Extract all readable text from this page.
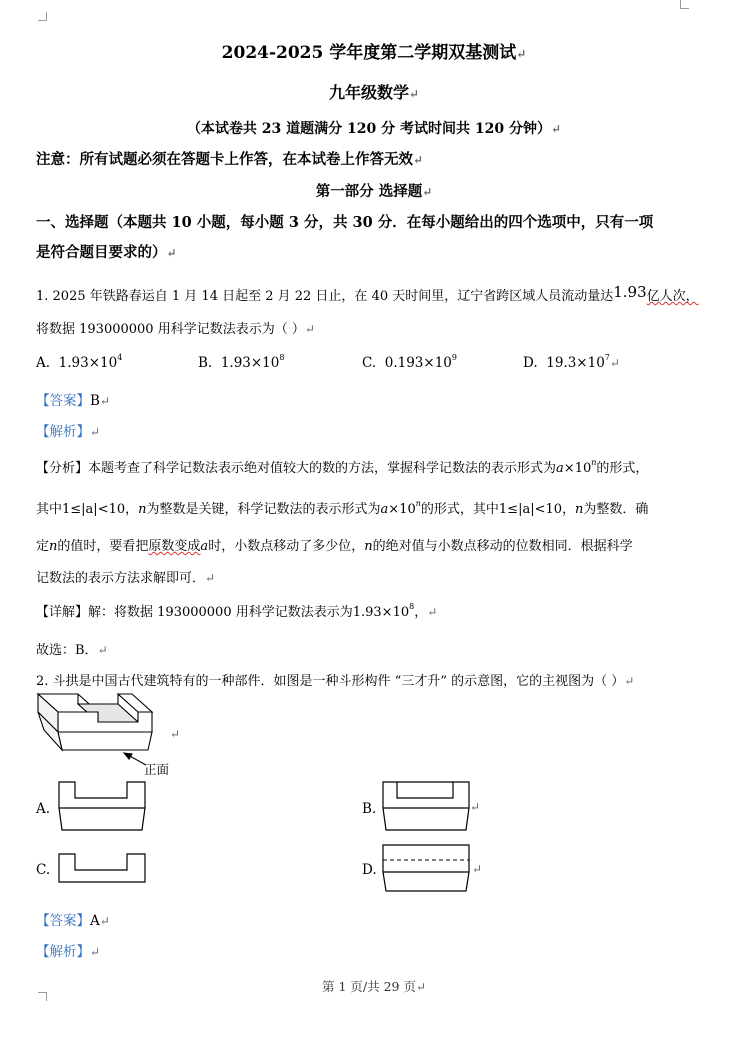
2024-2025 学年度第二学期双基测试↵
九年级数学↵
（本试卷共 23 道题满分 120 分 考试时间共 120 分钟）↵
注意：所有试题必须在答题卡上作答，在本试卷上作答无效↵
第一部分 选择题↵
一、选择题（本题共 10 小题，每小题 3 分，共 30 分．在每小题给出的四个选项中，只有一项
是符合题目要求的）↵
1. 2025 年铁路春运自 1 月 14 日起至 2 月 22 日止，在 40 天时间里，辽宁省跨区域人员流动量达1.93亿人次，
将数据 193000000 用科学记数法表示为（ ）↵
A. $1.93\times 10^4$	B. $1.93\times 10^8$	C. $0.193\times 10^9$	D. $19.3\times 10^7↵$
【答案】B↵
【解析】↵
【分析】本题考查了科学记数法表示绝对值较大的数的方法，掌握科学记数法的表示形式为$a\times 10^n$的形式，
其中1≤|a|<10，n为整数是关键，科学记数法的表示形式为$a\times 10^n$的形式，其中1≤|a|<10，n为整数．确
定n的值时，要看把原数变成a时，小数点移动了多少位，n的绝对值与小数点移动的位数相同．根据科学
记数法的表示方法求解即可．↵
【详解】解：将数据 193000000 用科学记数法表示为$1.93\times 10^8$，↵
故选：B．↵
2. 斗拱是中国古代建筑特有的一种部件．如图是一种斗形构件 “三才升” 的示意图，它的主视图为（ ）↵
正面
↵
A.	B.	↵
C.	D.	↵
【答案】A↵
【解析】↵
第 1 页/共 29 页↵
